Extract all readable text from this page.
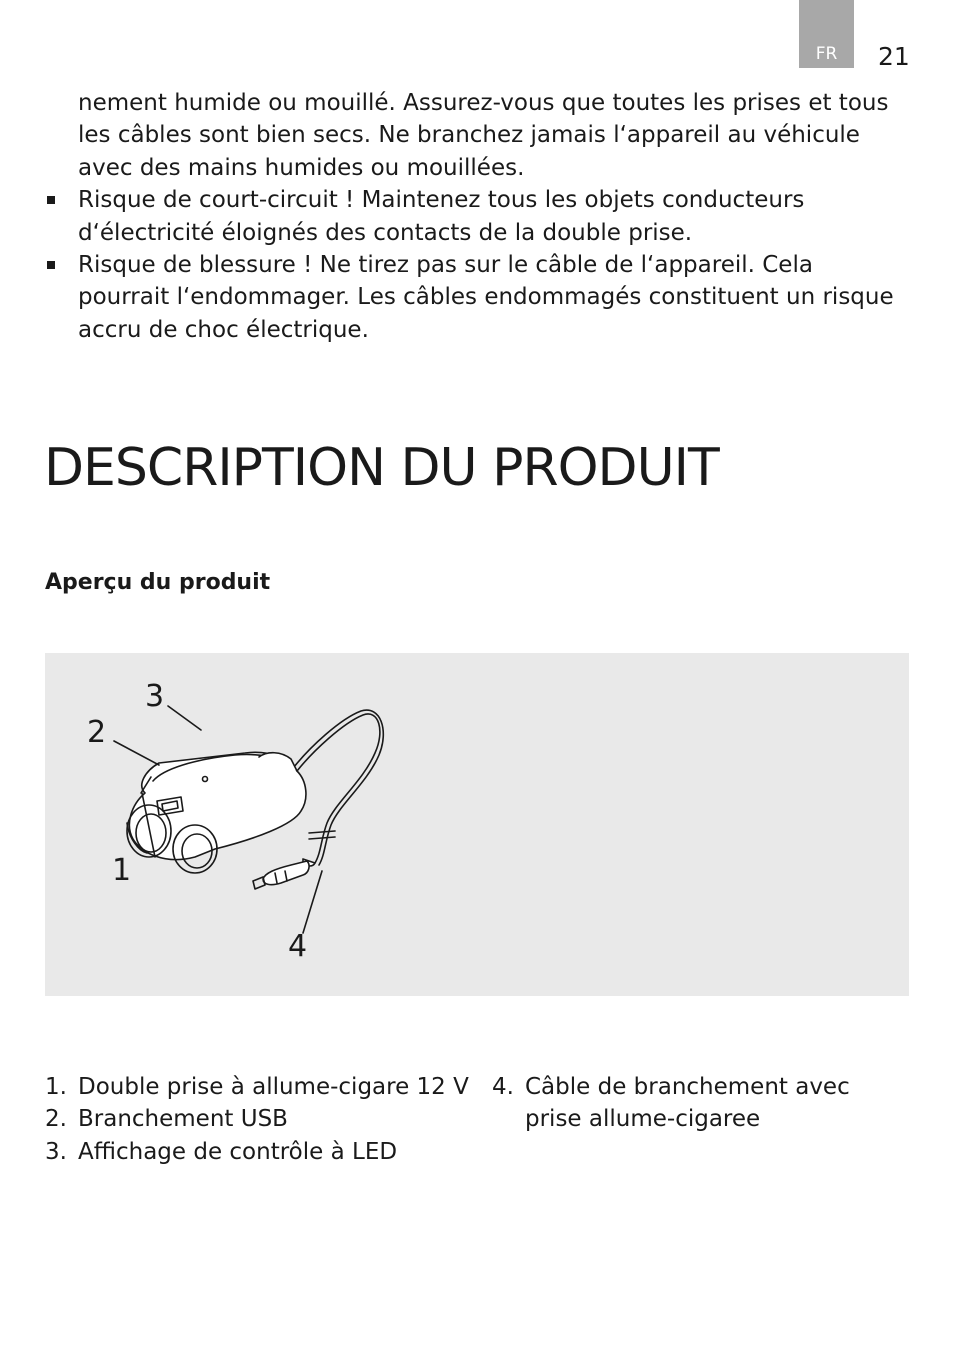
FR 21
nement humide ou mouillé. Assurez-vous que toutes les prises et tous les câbles sont bien secs. Ne branchez jamais l‘appareil au véhicule avec des mains humides ou mouillées.
Risque de court-circuit ! Maintenez tous les objets conducteurs d‘électricité éloignés des contacts de la double prise.
Risque de blessure ! Ne tirez pas sur le câble de l‘appareil. Cela pourrait l‘endommager. Les câbles endommagés constituent un risque accru de choc électrique.
DESCRIPTION DU PRODUIT
Aperçu du produit
3
2
1
4
1. Double prise à allume-cigare 12 V
2. Branchement USB
3. Affichage de contrôle à LED
4. Câble de branchement avec prise allume-cigaree
